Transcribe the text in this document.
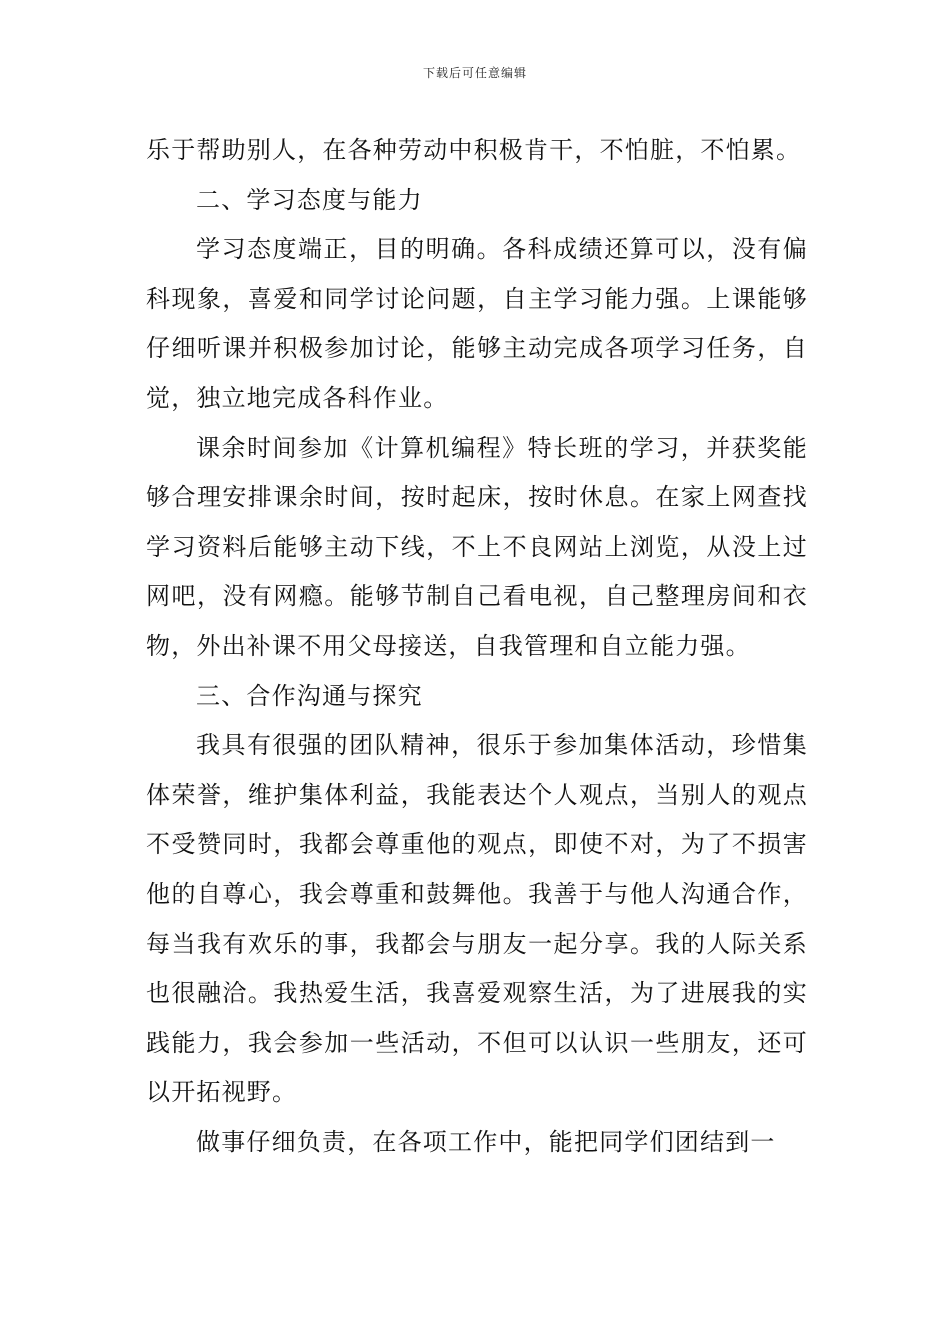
下载后可任意编辑

乐于帮助别人，在各种劳动中积极肯干，不怕脏，不怕累。

二、学习态度与能力

学习态度端正，目的明确。各科成绩还算可以，没有偏科现象，喜爱和同学讨论问题，自主学习能力强。上课能够仔细听课并积极参加讨论，能够主动完成各项学习任务，自觉，独立地完成各科作业。

课余时间参加《计算机编程》特长班的学习，并获奖能够合理安排课余时间，按时起床，按时休息。在家上网查找学习资料后能够主动下线，不上不良网站上浏览，从没上过网吧，没有网瘾。能够节制自己看电视，自己整理房间和衣物，外出补课不用父母接送，自我管理和自立能力强。

三、合作沟通与探究

我具有很强的团队精神，很乐于参加集体活动，珍惜集体荣誉，维护集体利益，我能表达个人观点，当别人的观点不受赞同时，我都会尊重他的观点，即使不对，为了不损害他的自尊心，我会尊重和鼓舞他。我善于与他人沟通合作，每当我有欢乐的事，我都会与朋友一起分享。我的人际关系也很融洽。我热爱生活，我喜爱观察生活，为了进展我的实践能力，我会参加一些活动，不但可以认识一些朋友，还可以开拓视野。

做事仔细负责，在各项工作中，能把同学们团结到一
